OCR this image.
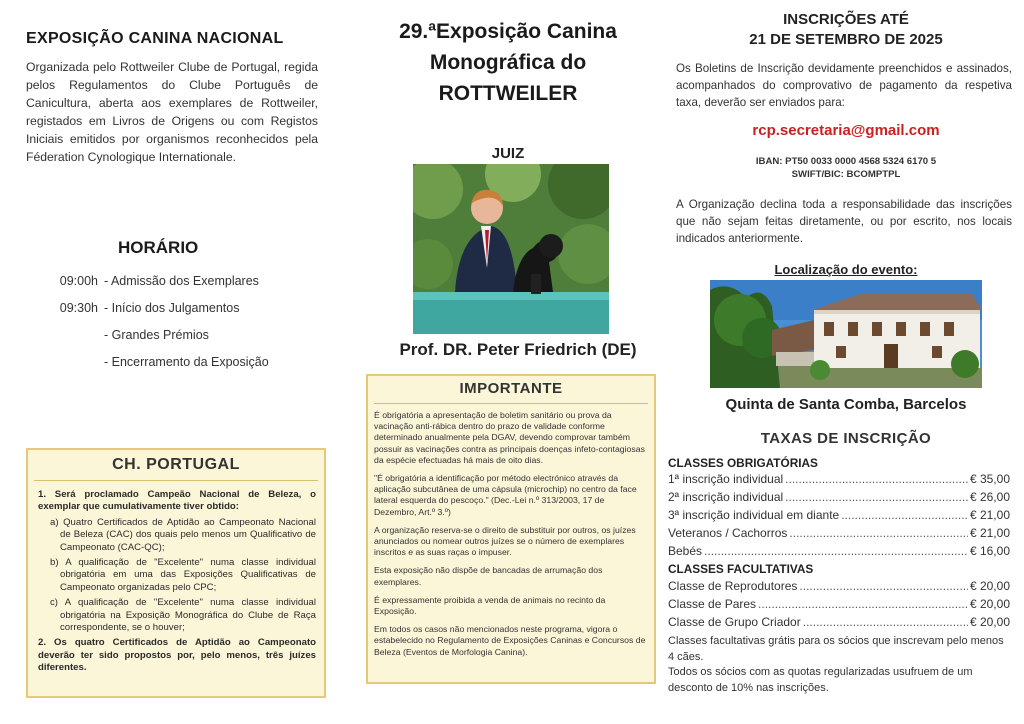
EXPOSIÇÃO CANINA NACIONAL
Organizada pelo Rottweiler Clube de Portugal, regida pelos Regulamentos do Clube Português de Canicultura, aberta aos exemplares de Rottweiler, registados em Livros de Origens ou com Registos Iniciais emitidos por organismos reconhecidos pela Féderation Cynologique Internationale.
HORÁRIO
09:00h - Admissão dos Exemplares
09:30h - Início dos Julgamentos
- Grandes Prémios
- Encerramento da Exposição
CH. PORTUGAL

1. Será proclamado Campeão Nacional de Beleza, o exemplar que cumulativamente tiver obtido:

a) Quatro Certificados de Aptidão ao Campeonato Nacional de Beleza (CAC) dos quais pelo menos um Qualificativo de Campeonato (CAC-QC);

b) A qualificação de "Excelente" numa classe individual obrigatória em uma das Exposições Qualificativas de Campeonato organizadas pelo CPC;

c) A qualificação de "Excelente" numa classe individual obrigatória na Exposição Monográfica do Clube de Raça correspondente, se o houver;

2. Os quatro Certificados de Aptidão ao Campeonato deverão ter sido propostos por, pelo menos, três juízes diferentes.

29.ªExposição Canina
Monográfica do
ROTTWEILER
JUIZ
Prof. DR. Peter Friedrich (DE)
IMPORTANTE

É obrigatória a apresentação de boletim sanitário ou prova da vacinação anti-rábica dentro do prazo de validade conforme determinado anualmente pela DGAV, devendo comprovar também possuir as vacinações contra as principais doenças infeto-contagiosas da espécie efectuadas há mais de oito dias.

"É obrigatória a identificação por método electrónico através da aplicação subcutânea de uma cápsula (microchip) no centro da face lateral esquerda do pescoço." (Dec.-Lei n.º 313/2003, 17 de Dezembro, Art.º 3.º)

A organização reserva-se o direito de substituir por outros, os juízes anunciados ou nomear outros juízes se o número de exemplares inscritos e as suas raças o impuser.

Esta exposição não dispõe de bancadas de arrumação dos exemplares.

É expressamente proibida a venda de animais no recinto da Exposição.

Em todos os casos não mencionados neste programa, vigora o estabelecido no Regulamento de Exposições Caninas e Concursos de Beleza (Eventos de Morfologia Canina).

INSCRIÇÕES ATÉ
21 DE SETEMBRO DE 2025
Os Boletins de Inscrição devidamente preenchidos e assinados, acompanhados do comprovativo de pagamento da respetiva taxa, deverão ser enviados para:
rcp.secretaria@gmail.com
IBAN: PT50 0033 0000 4568 5324 6170 5
SWIFT/BIC: BCOMPTPL
A Organização declina toda a responsabilidade das inscrições que não sejam feitas diretamente, ou por escrito, nos locais indicados anteriormente.
Localização do evento:
Quinta de Santa Comba, Barcelos
TAXAS DE INSCRIÇÃO
CLASSES OBRIGATÓRIAS
1ª inscrição individual .....	€ 35,00
2ª inscrição individual .....	€ 26,00
3ª inscrição individual em diante .....	€ 21,00
Veteranos / Cachorros .....	€ 21,00
Bebés .....	€ 16,00
CLASSES FACULTATIVAS
Classe de Reprodutores .....	€ 20,00
Classe de Pares .....	€ 20,00
Classe de Grupo Criador .....	€ 20,00
Classes facultativas grátis para os sócios que inscrevam pelo menos 4 cães.
Todos os sócios com as quotas regularizadas usufruem de um desconto de 10% nas inscrições.
